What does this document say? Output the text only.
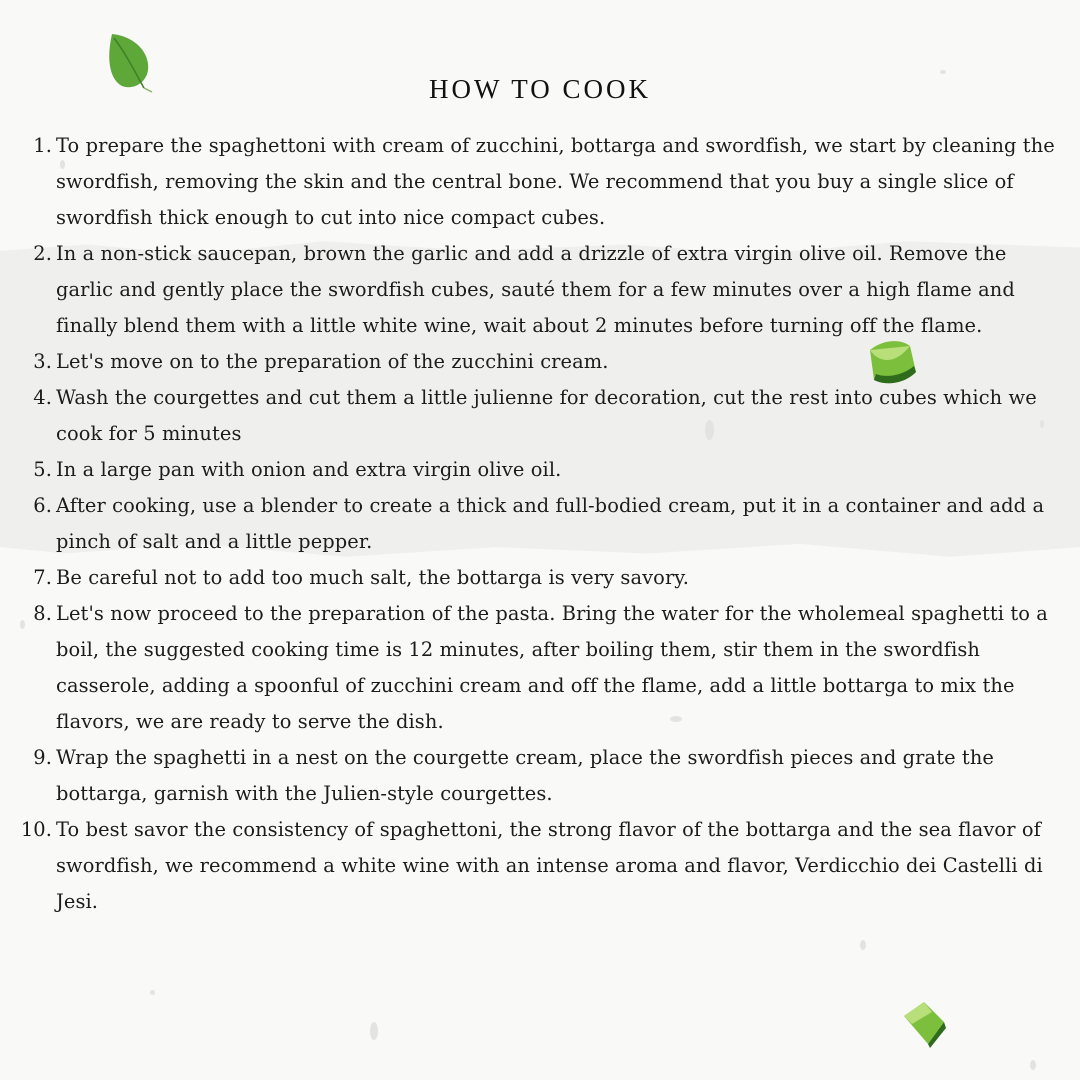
HOW TO COOK
1. To prepare the spaghettoni with cream of zucchini, bottarga and swordfish, we start by cleaning the swordfish, removing the skin and the central bone. We recommend that you buy a single slice of swordfish thick enough to cut into nice compact cubes.
2. In a non-stick saucepan, brown the garlic and add a drizzle of extra virgin olive oil. Remove the garlic and gently place the swordfish cubes, sauté them for a few minutes over a high flame and finally blend them with a little white wine, wait about 2 minutes before turning off the flame.
3. Let's move on to the preparation of the zucchini cream.
4. Wash the courgettes and cut them a little julienne for decoration, cut the rest into cubes which we cook for 5 minutes
5. In a large pan with onion and extra virgin olive oil.
6. After cooking, use a blender to create a thick and full-bodied cream, put it in a container and add a pinch of salt and a little pepper.
7. Be careful not to add too much salt, the bottarga is very savory.
8. Let's now proceed to the preparation of the pasta. Bring the water for the wholemeal spaghetti to a boil, the suggested cooking time is 12 minutes, after boiling them, stir them in the swordfish casserole, adding a spoonful of zucchini cream and off the flame, add a little bottarga to mix the flavors, we are ready to serve the dish.
9. Wrap the spaghetti in a nest on the courgette cream, place the swordfish pieces and grate the bottarga, garnish with the Julien-style courgettes.
10. To best savor the consistency of spaghettoni, the strong flavor of the bottarga and the sea flavor of swordfish, we recommend a white wine with an intense aroma and flavor, Verdicchio dei Castelli di Jesi.
